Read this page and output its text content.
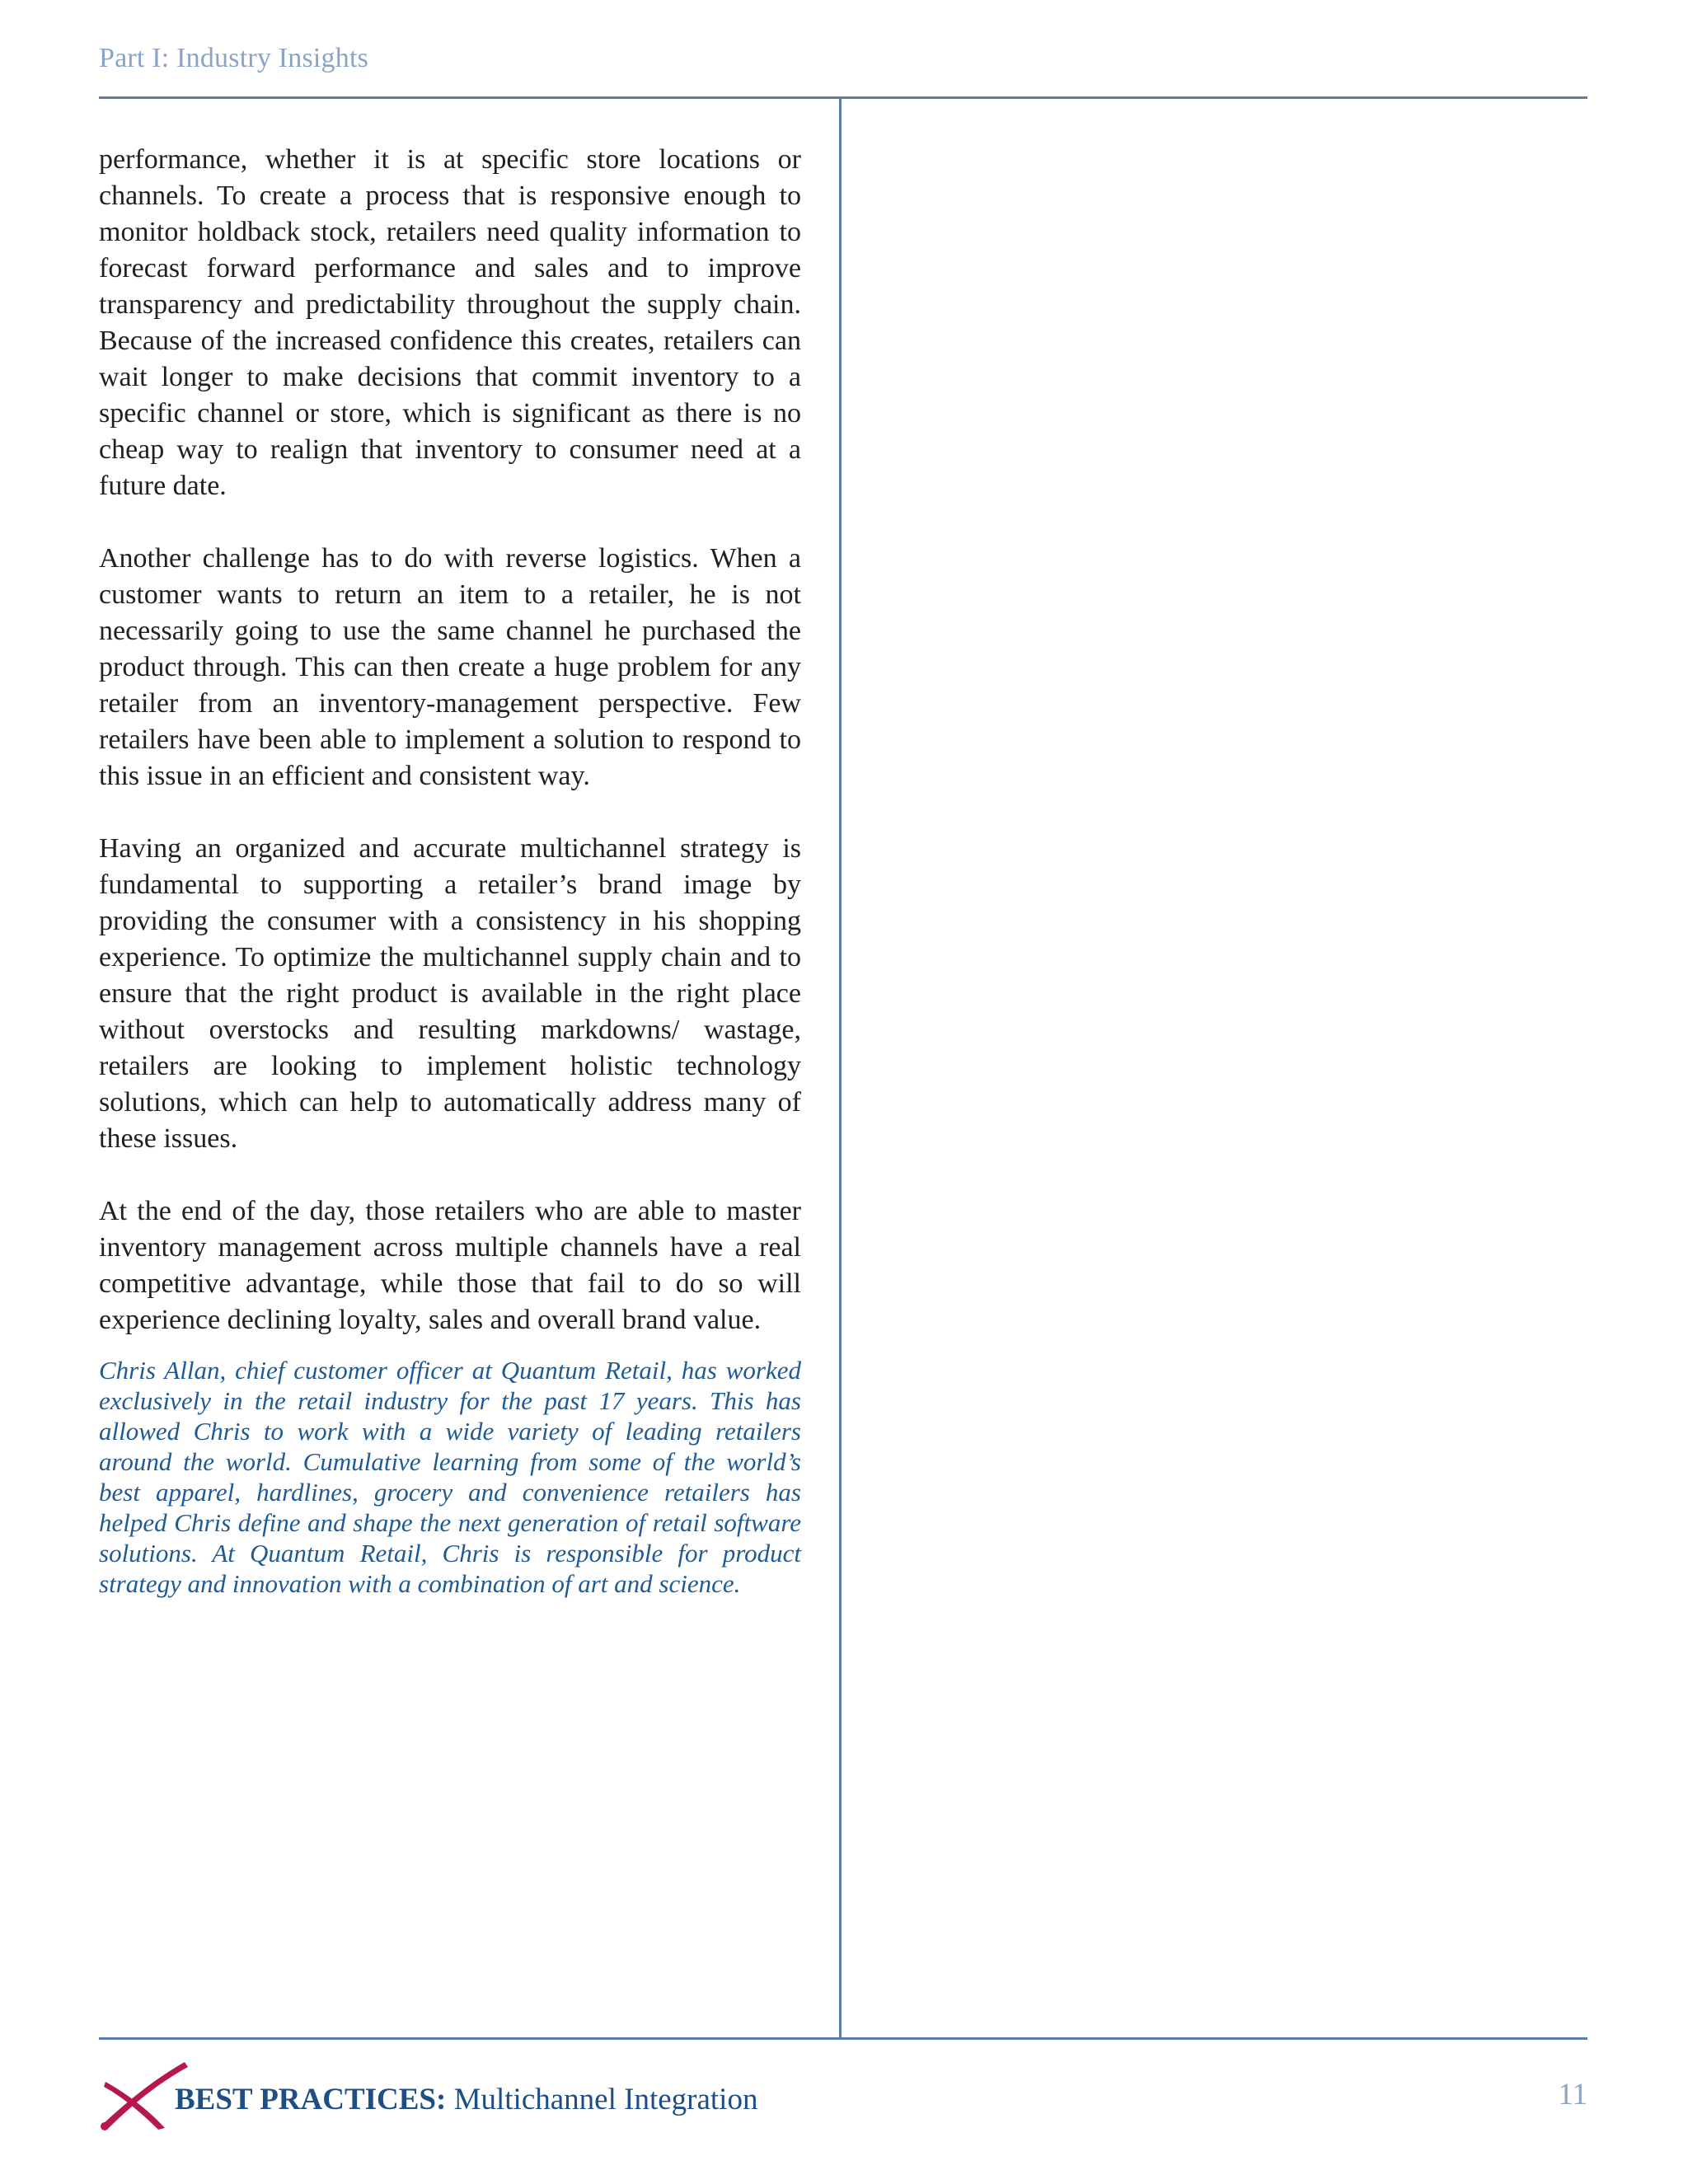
Part I: Industry Insights

performance, whether it is at specific store locations or channels. To create a process that is responsive enough to monitor holdback stock, retailers need quality information to forecast forward performance and sales and to improve transparency and predictability throughout the supply chain. Because of the increased confidence this creates, retailers can wait longer to make decisions that commit inventory to a specific channel or store, which is significant as there is no cheap way to realign that inventory to consumer need at a future date.

Another challenge has to do with reverse logistics. When a customer wants to return an item to a retailer, he is not necessarily going to use the same channel he purchased the product through. This can then create a huge problem for any retailer from an inventory-management perspective. Few retailers have been able to implement a solution to respond to this issue in an efficient and consistent way.

Having an organized and accurate multichannel strategy is fundamental to supporting a retailer’s brand image by providing the consumer with a consistency in his shopping experience. To optimize the multichannel supply chain and to ensure that the right product is available in the right place without overstocks and resulting markdowns/ wastage, retailers are looking to implement holistic technology solutions, which can help to automatically address many of these issues.

At the end of the day, those retailers who are able to master inventory management across multiple channels have a real competitive advantage, while those that fail to do so will experience declining loyalty, sales and overall brand value.

Chris Allan, chief customer officer at Quantum Retail, has worked exclusively in the retail industry for the past 17 years. This has allowed Chris to work with a wide variety of leading retailers around the world. Cumulative learning from some of the world’s best apparel, hardlines, grocery and convenience retailers has helped Chris define and shape the next generation of retail software solutions. At Quantum Retail, Chris is responsible for product strategy and innovation with a combination of art and science.

BEST PRACTICES: Multichannel Integration	11
